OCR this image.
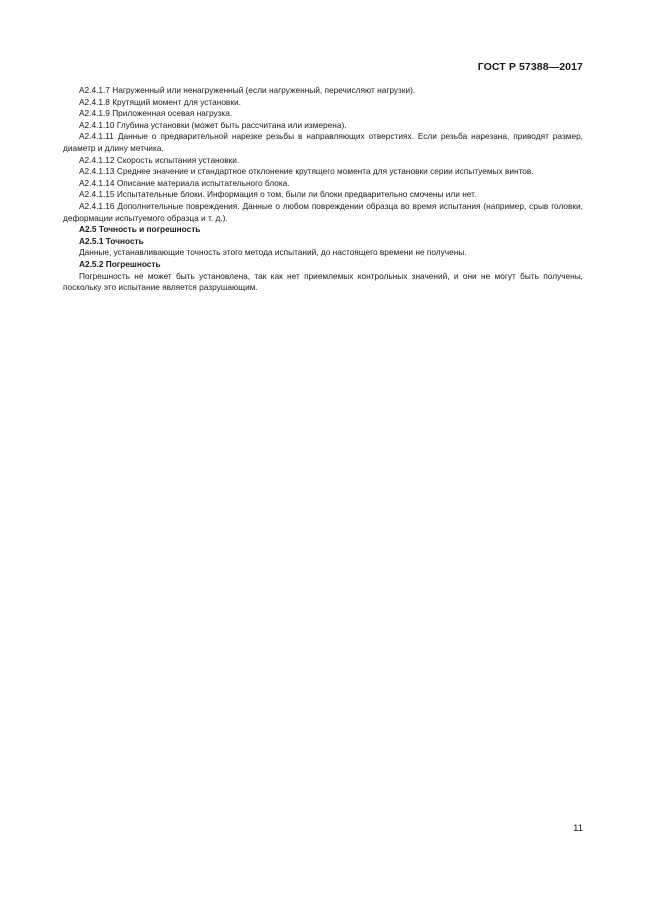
ГОСТ Р 57388—2017

А2.4.1.7 Нагруженный или ненагруженный (если нагруженный, перечисляют нагрузки).

А2.4.1.8 Крутящий момент для установки.

А2.4.1.9 Приложенная осевая нагрузка.

А2.4.1.10 Глубина установки (может быть рассчитана или измерена).

А2.4.1.11 Данные о предварительной нарезке резьбы в направляющих отверстиях. Если резьба нарезана, приводят размер, диаметр и длину метчика.

А2.4.1.12 Скорость испытания установки.

А2.4.1.13 Среднее значение и стандартное отклонение крутящего момента для установки серии испытуемых винтов.

А2.4.1.14 Описание материала испытательного блока.

А2.4.1.15 Испытательные блоки. Информация о том, были ли блоки предварительно смочены или нет.

А2.4.1.16 Дополнительные повреждения. Данные о любом повреждении образца во время испытания (например, срыв головки, деформации испытуемого образца и т. д.).

А2.5 Точность и погрешность

А2.5.1 Точность

Данные, устанавливающие точность этого метода испытаний, до настоящего времени не получены.

А2.5.2 Погрешность

Погрешность не может быть установлена, так как нет приемлемых контрольных значений, и они не могут быть получены, поскольку это испытание является разрушающим.

11
